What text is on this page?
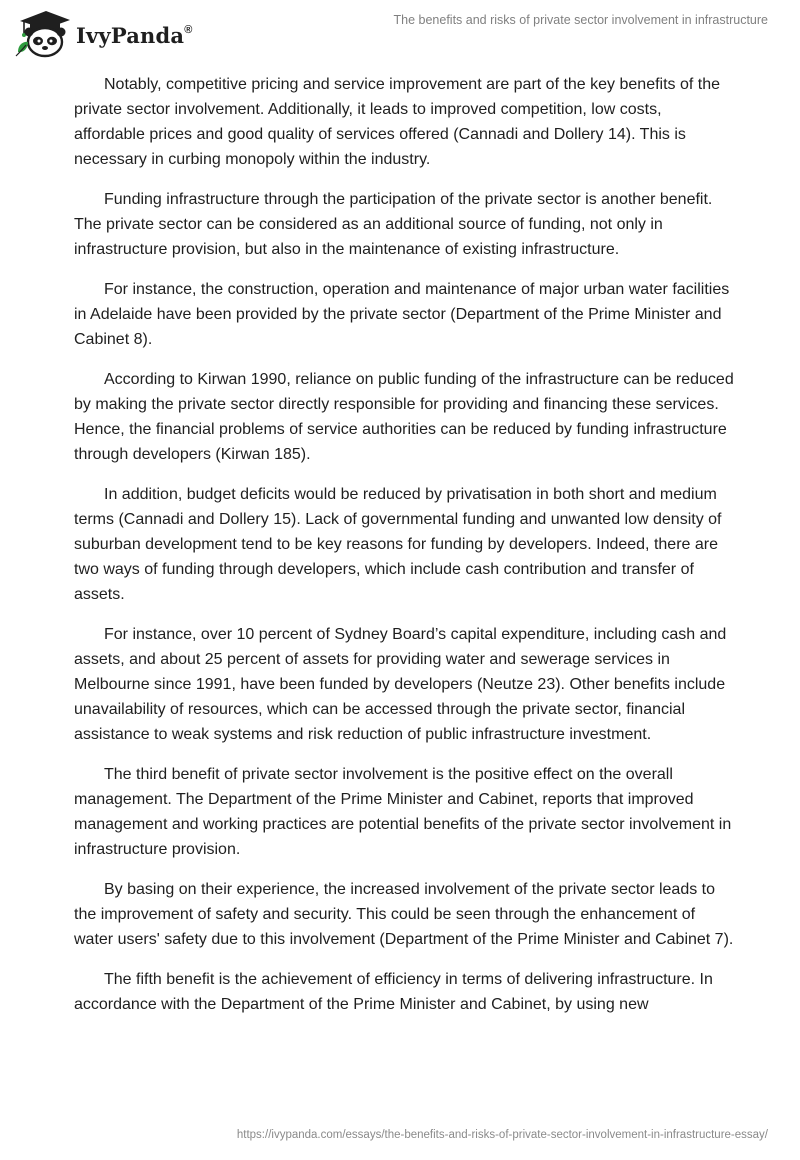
IvyPanda®
The benefits and risks of private sector involvement in infrastructure

Notably, competitive pricing and service improvement are part of the key benefits of the private sector involvement. Additionally, it leads to improved competition, low costs, affordable prices and good quality of services offered (Cannadi and Dollery 14). This is necessary in curbing monopoly within the industry.

Funding infrastructure through the participation of the private sector is another benefit. The private sector can be considered as an additional source of funding, not only in infrastructure provision, but also in the maintenance of existing infrastructure.

For instance, the construction, operation and maintenance of major urban water facilities in Adelaide have been provided by the private sector (Department of the Prime Minister and Cabinet 8).

According to Kirwan 1990, reliance on public funding of the infrastructure can be reduced by making the private sector directly responsible for providing and financing these services. Hence, the financial problems of service authorities can be reduced by funding infrastructure through developers (Kirwan 185).

In addition, budget deficits would be reduced by privatisation in both short and medium terms (Cannadi and Dollery 15). Lack of governmental funding and unwanted low density of suburban development tend to be key reasons for funding by developers. Indeed, there are two ways of funding through developers, which include cash contribution and transfer of assets.

For instance, over 10 percent of Sydney Board’s capital expenditure, including cash and assets, and about 25 percent of assets for providing water and sewerage services in Melbourne since 1991, have been funded by developers (Neutze 23). Other benefits include unavailability of resources, which can be accessed through the private sector, financial assistance to weak systems and risk reduction of public infrastructure investment.

The third benefit of private sector involvement is the positive effect on the overall management. The Department of the Prime Minister and Cabinet, reports that improved management and working practices are potential benefits of the private sector involvement in infrastructure provision.

By basing on their experience, the increased involvement of the private sector leads to the improvement of safety and security. This could be seen through the enhancement of water users' safety due to this involvement (Department of the Prime Minister and Cabinet 7).

The fifth benefit is the achievement of efficiency in terms of delivering infrastructure. In accordance with the Department of the Prime Minister and Cabinet, by using new

https://ivypanda.com/essays/the-benefits-and-risks-of-private-sector-involvement-in-infrastructure-essay/
